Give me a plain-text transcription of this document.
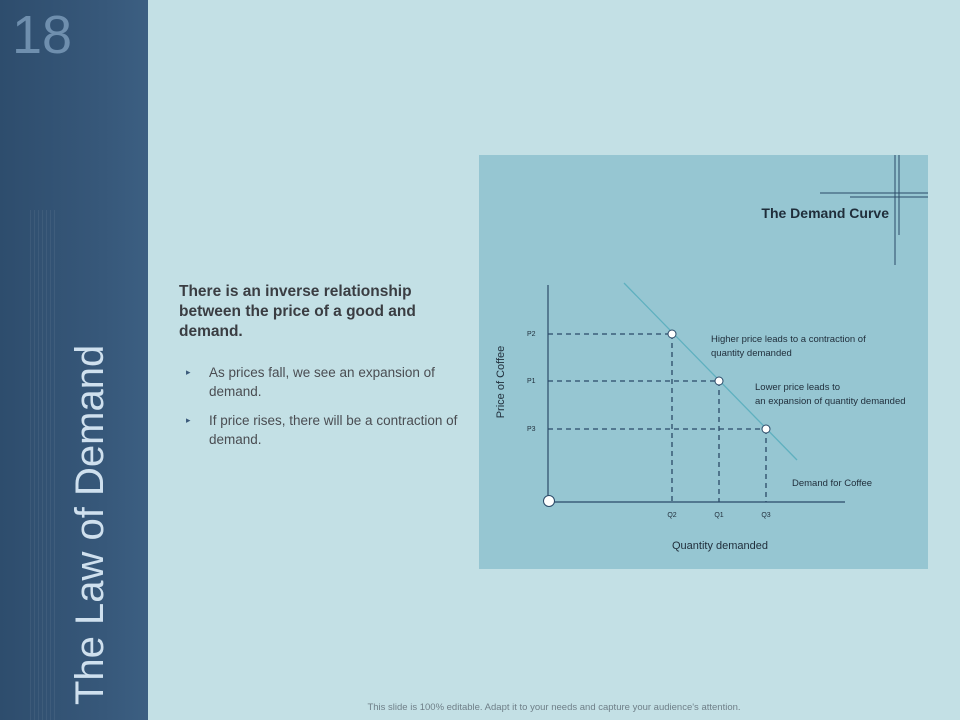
18
The Law of Demand
There is an inverse relationship between the price of a good and demand.
▸ As prices fall, we see an expansion of demand.
▸ If price rises, there will be a contraction of demand.
The Demand Curve
Q2	Q1	Q3
P2
P1
P3
Price of Coffee
Quantity demanded
Higher price leads to a contraction of quantity demanded
Lower price leads to an expansion of quantity demanded
Demand for Coffee
This slide is 100% editable. Adapt it to your needs and capture your audience's attention.
